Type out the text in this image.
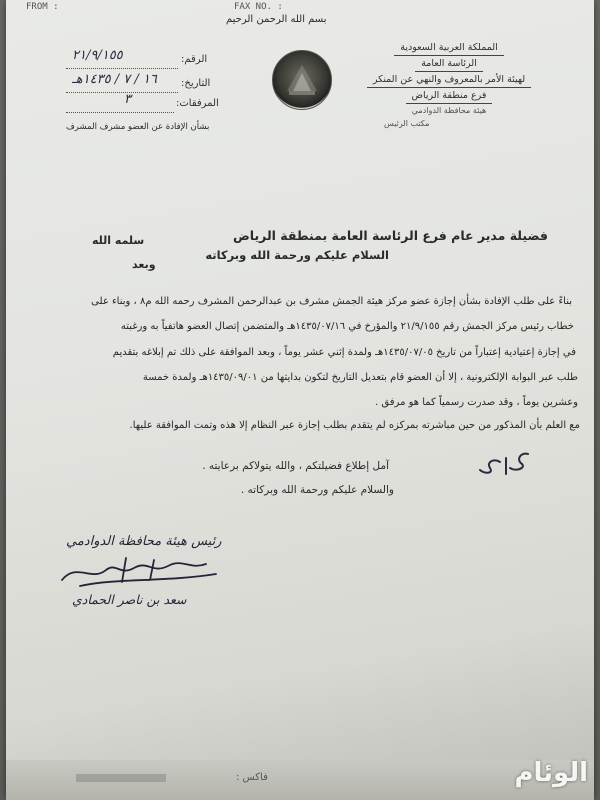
FROM :	FAX NO. :
بسم الله الرحمن الرحيم
المملكة العربية السعودية
الرئاسة العامة
لهيئة الأمر بالمعروف والنهي عن المنكر
فرع منطقة الرياض
هيئة محافظة الدوادمي
مكتب الرئيس
الرقم:
٢١/٩/١٥٥
التاريخ:
١٦ / ٧ / ١٤٣٥هـ
المرفقات:
٣
بشأن الإفادة عن العضو مشرف المشرف
فضيلة مدير عام فرع الرئاسة العامة بمنطقة الرياض
سلمه الله
السلام عليكم ورحمة الله وبركاته
وبعد
بناءً على طلب الإفادة بشأن إجازة عضو مركز هيئة الجمش مشرف بن عبدالرحمن المشرف رحمه الله م٨ ، وبناء على
خطاب رئيس مركز الجمش رقم ٢١/٩/١٥٥ والمؤرخ في ١٤٣٥/٠٧/١٦هـ والمتضمن إتصال العضو هاتفياً به ورغبته
في إجازة إعتيادية إعتباراً من تاريخ ١٤٣٥/٠٧/٠٥هـ ولمدة إثني عشر يوماً ، وبعد الموافقة على ذلك تم إبلاغه بتقديم
طلب عبر البوابة الإلكترونية ، إلا أن العضو قام بتعديل التاريخ لتكون بدايتها من ١٤٣٥/٠٩/٠١هـ ولمدة خمسة
وعشرين يوماً ، وقد صدرت رسمياً كما هو مرفق .
مع العلم بأن المذكور من حين مباشرته بمركزه لم يتقدم بطلب إجازة عبر النظام إلا هذه وتمت الموافقة عليها.
آمل إطلاع فضيلتكم ، والله يتولاكم برعايته .
والسلام عليكم ورحمة الله وبركاته .
رئيس هيئة محافظة الدوادمي
سعد بن ناصر الحمادي
فاكس :	الوئام
